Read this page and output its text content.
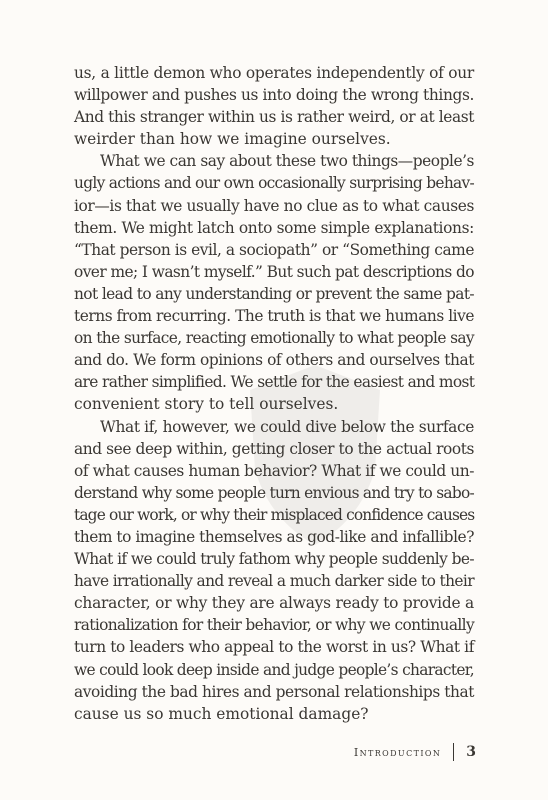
us, a little demon who operates independently of our
willpower and pushes us into doing the wrong things.
And this stranger within us is rather weird, or at least
weirder than how we imagine ourselves.
What we can say about these two things—people’s
ugly actions and our own occasionally surprising behav-
ior—is that we usually have no clue as to what causes
them. We might latch onto some simple explanations:
“That person is evil, a sociopath” or “Something came
over me; I wasn’t myself.” But such pat descriptions do
not lead to any understanding or prevent the same pat-
terns from recurring. The truth is that we humans live
on the surface, reacting emotionally to what people say
and do. We form opinions of others and ourselves that
are rather simplified. We settle for the easiest and most
convenient story to tell ourselves.
What if, however, we could dive below the surface
and see deep within, getting closer to the actual roots
of what causes human behavior? What if we could un-
derstand why some people turn envious and try to sabo-
tage our work, or why their misplaced confidence causes
them to imagine themselves as god-like and infallible?
What if we could truly fathom why people suddenly be-
have irrationally and reveal a much darker side to their
character, or why they are always ready to provide a
rationalization for their behavior, or why we continually
turn to leaders who appeal to the worst in us? What if
we could look deep inside and judge people’s character,
avoiding the bad hires and personal relationships that
cause us so much emotional damage?
Introduction 3
